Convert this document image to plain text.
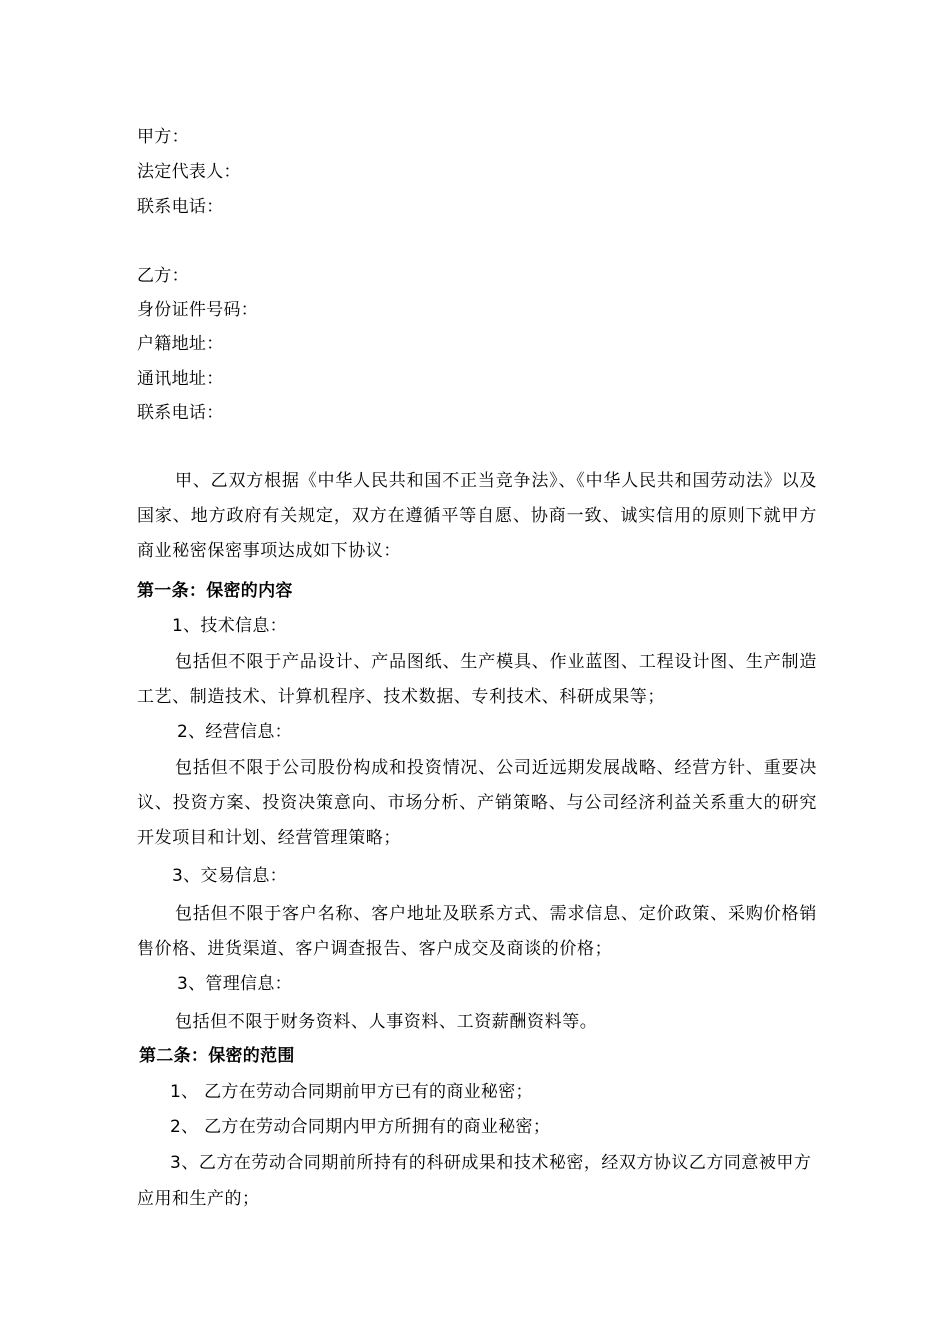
甲方：
法定代表人：
联系电话：
乙方：
身份证件号码：
户籍地址：
通讯地址：
联系电话：
甲、乙双方根据《中华人民共和国不正当竞争法》、《中华人民共和国劳动法》以及国家、地方政府有关规定，双方在遵循平等自愿、协商一致、诚实信用的原则下就甲方商业秘密保密事项达成如下协议：
第一条：保密的内容
1、技术信息：
包括但不限于产品设计、产品图纸、生产模具、作业蓝图、工程设计图、生产制造工艺、制造技术、计算机程序、技术数据、专利技术、科研成果等；
2、经营信息：
包括但不限于公司股份构成和投资情况、公司近远期发展战略、经营方针、重要决议、投资方案、投资决策意向、市场分析、产销策略、与公司经济利益关系重大的研究开发项目和计划、经营管理策略；
3、交易信息：
包括但不限于客户名称、客户地址及联系方式、需求信息、定价政策、采购价格销售价格、进货渠道、客户调查报告、客户成交及商谈的价格；
3、管理信息：
包括但不限于财务资料、人事资料、工资薪酬资料等。
第二条：保密的范围
1、 乙方在劳动合同期前甲方已有的商业秘密；
2、 乙方在劳动合同期内甲方所拥有的商业秘密；
3、乙方在劳动合同期前所持有的科研成果和技术秘密，经双方协议乙方同意被甲方应用和生产的；
